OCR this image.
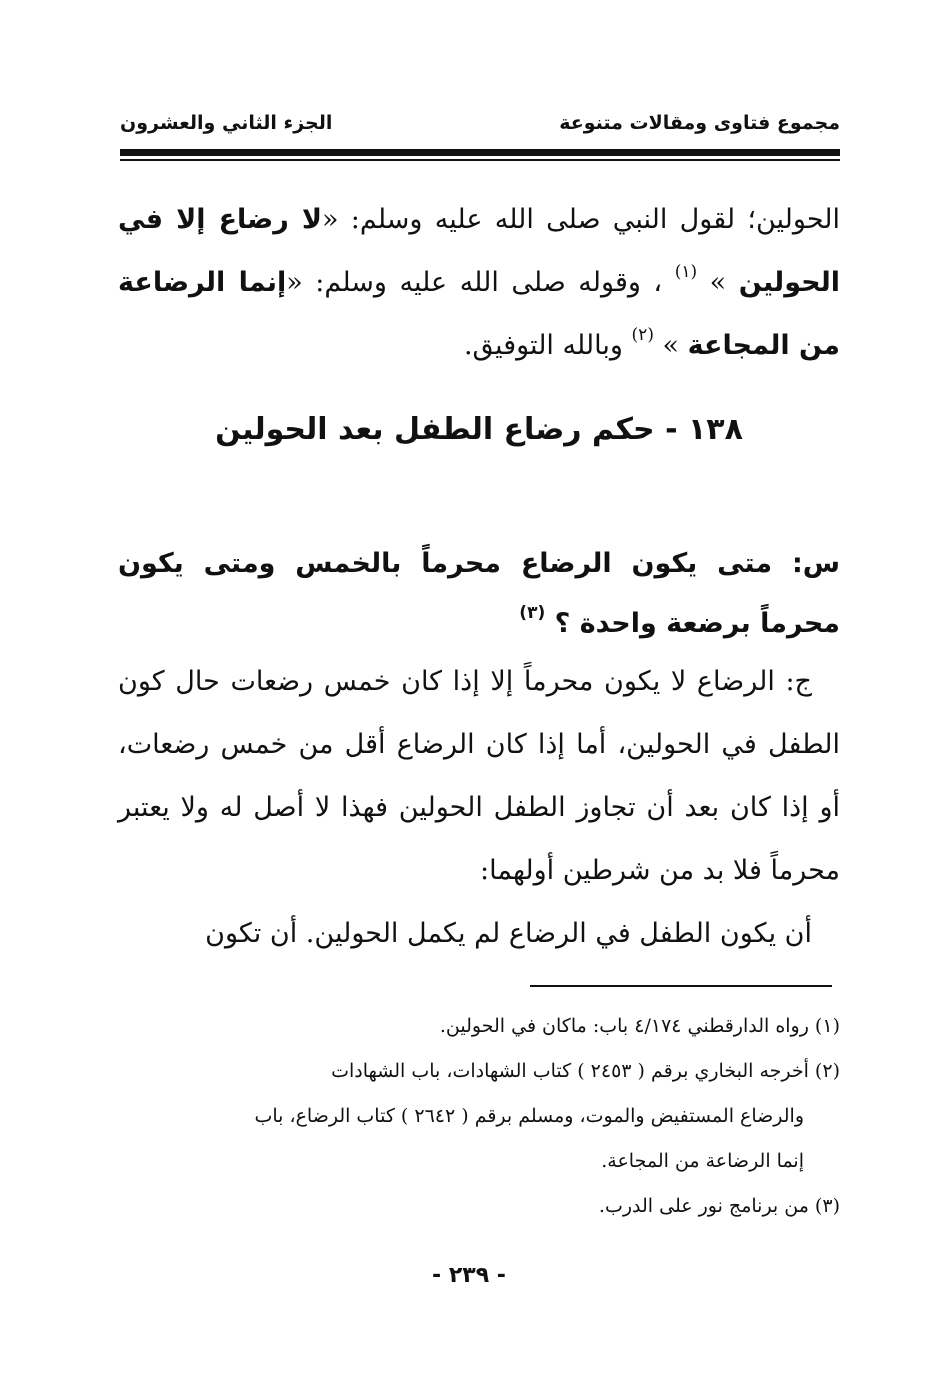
مجموع فتاوى ومقالات متنوعة
الجزء الثاني والعشرون
الحولين؛ لقول النبي صلى الله عليه وسلم: «لا رضاع إلا في الحولين » $^{(١)}$ ، وقوله صلى الله عليه وسلم: «إنما الرضاعة من المجاعة » $^{(٢)}$ وبالله التوفيق.
١٣٨ - حكم رضاع الطفل بعد الحولين
س: متى يكون الرضاع محرماً بالخمس ومتى يكون محرماً برضعة واحدة ؟ $^{(٣)}$

ج: الرضاع لا يكون محرماً إلا إذا كان خمس رضعات حال كون الطفل في الحولين، أما إذا كان الرضاع أقل من خمس رضعات، أو إذا كان بعد أن تجاوز الطفل الحولين فهذا لا أصل له ولا يعتبر محرماً فلا بد من شرطين أولهما:

أن يكون الطفل في الرضاع لم يكمل الحولين. أن تكون

(١) رواه الدارقطني ٤/١٧٤ باب: ماكان في الحولين.

(٢) أخرجه البخاري برقم ( ٢٤٥٣ ) كتاب الشهادات، باب الشهادات

والرضاع المستفيض والموت، ومسلم برقم ( ٢٦٤٢ ) كتاب الرضاع، باب

إنما الرضاعة من المجاعة.

(٣) من برنامج نور على الدرب.

- ٢٣٩ -
